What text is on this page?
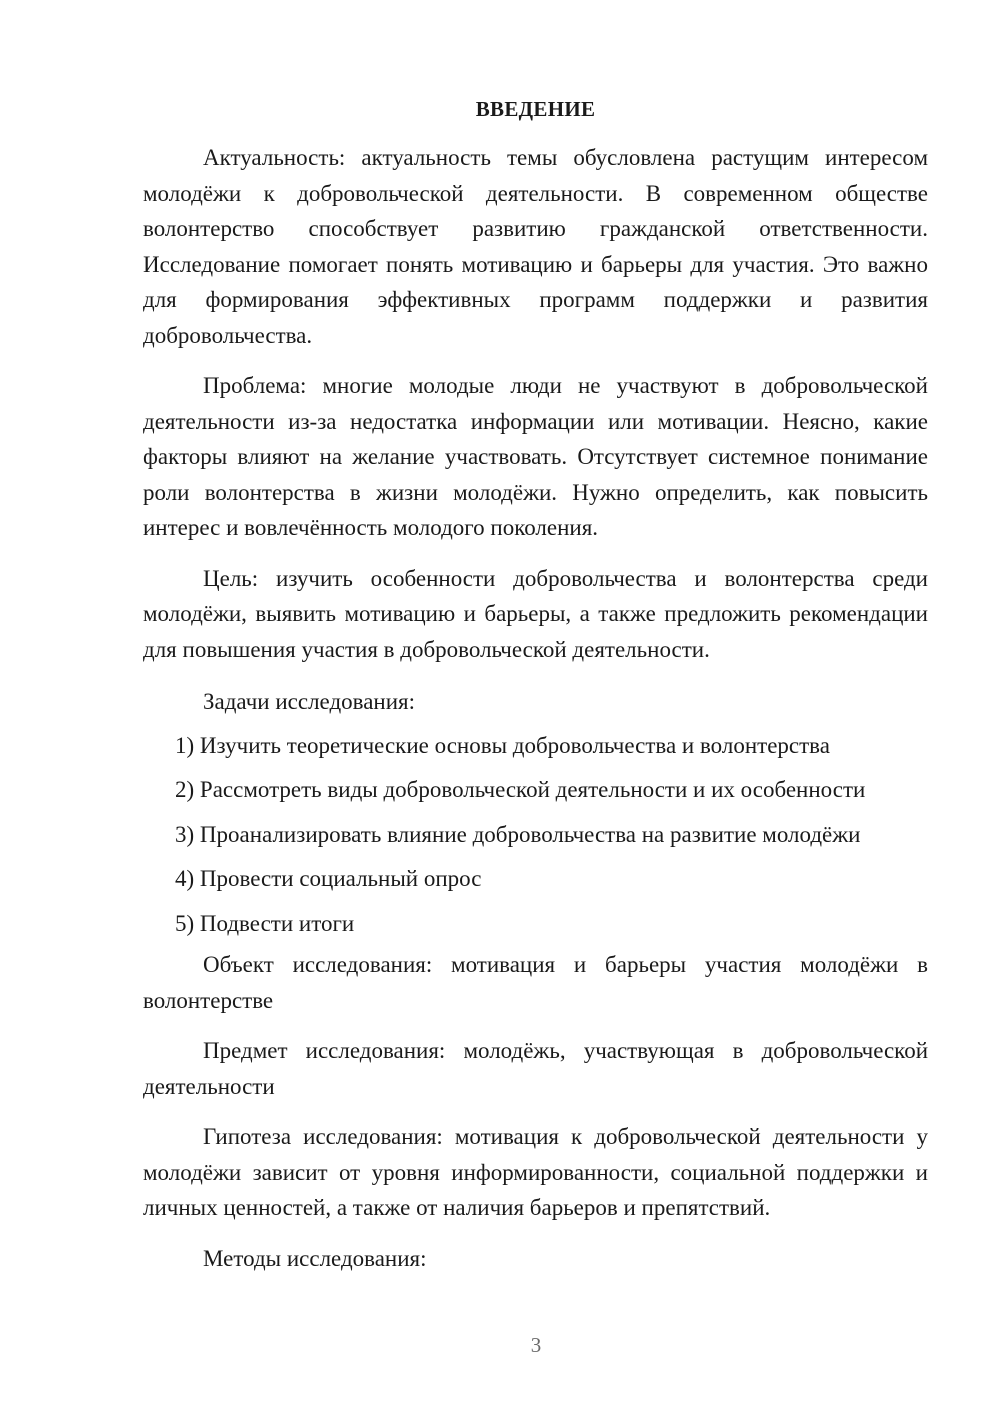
ВВЕДЕНИЕ

Актуальность: актуальность темы обусловлена растущим интересом молодёжи к добровольческой деятельности. В современном обществе волонтерство способствует развитию гражданской ответственности. Исследование помогает понять мотивацию и барьеры для участия. Это важно для формирования эффективных программ поддержки и развития добровольчества.

Проблема: многие молодые люди не участвуют в добровольческой деятельности из-за недостатка информации или мотивации. Неясно, какие факторы влияют на желание участвовать. Отсутствует системное понимание роли волонтерства в жизни молодёжи. Нужно определить, как повысить интерес и вовлечённость молодого поколения.

Цель: изучить особенности добровольчества и волонтерства среди молодёжи, выявить мотивацию и барьеры, а также предложить рекомендации для повышения участия в добровольческой деятельности.

Задачи исследования:

1) Изучить теоретические основы добровольчества и волонтерства
2) Рассмотреть виды добровольческой деятельности и их особенности
3) Проанализировать влияние добровольчества на развитие молодёжи
4) Провести социальный опрос
5) Подвести итоги

Объект исследования: мотивация и барьеры участия молодёжи в волонтерстве

Предмет исследования: молодёжь, участвующая в добровольческой деятельности

Гипотеза исследования: мотивация к добровольческой деятельности у молодёжи зависит от уровня информированности, социальной поддержки и личных ценностей, а также от наличия барьеров и препятствий.

Методы исследования:

3
